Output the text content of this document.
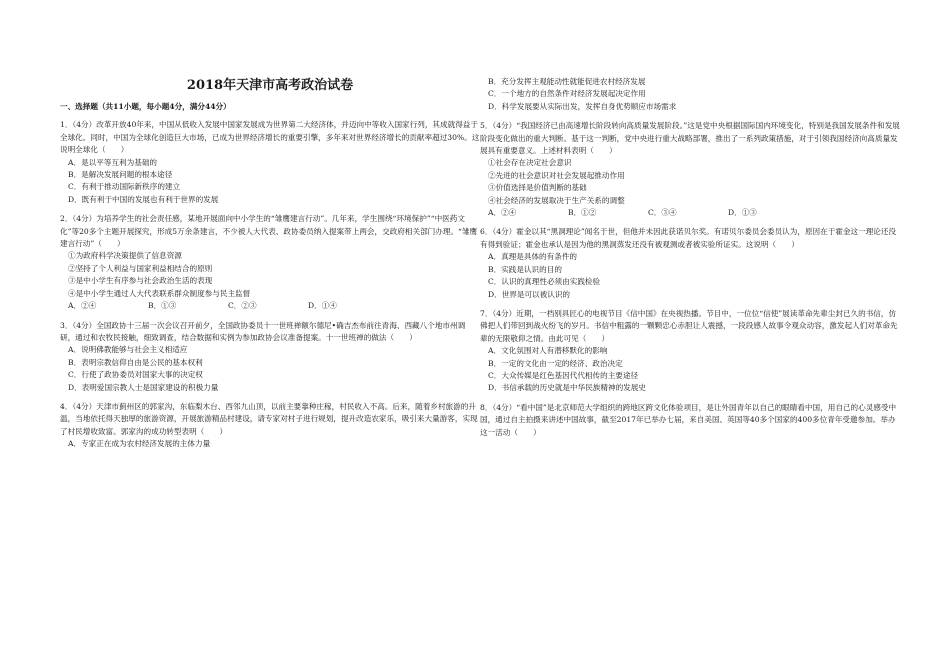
2018年天津市高考政治试卷
一、选择题（共11小题，每小题4分，满分44分）
1．（4分）改革开放40年来，中国从低收入发展中国家发展成为世界第二大经济体，并迈向中等收入国家行列，其成就得益于全球化。同时，中国为全球化创造巨大市场，已成为世界经济增长的重要引擎，多年来对世界经济增长的贡献率超过30%。这说明全球化（　　）
A．是以平等互利为基础的
B．是解决发展问题的根本途径
C．有利于推动国际新秩序的建立
D．既有利于中国的发展也有利于世界的发展
2．（4分）为培养学生的社会责任感，某地开展面向中小学生的“雏鹰建言行动”。几年来，学生围绕“环境保护”“中医药文化”等20多个主题开展探究，形成5万余条建言，不少被人大代表、政协委员纳入提案带上两会，交政府相关部门办理。“雏鹰建言行动”（　　）
①为政府科学决策提供了信息资源
②坚持了个人利益与国家利益相结合的原则
③是中小学生有序参与社会政治生活的表现
④是中小学生通过人大代表联系群众制度参与民主监督
A．②④	B．①③	C．②③	D．①④
3．（4分）全国政协十三届一次会议召开前夕，全国政协委员十一世班禅额尔德尼•确吉杰布前往青海、西藏八个地市州调研，通过和农牧民接触，细致调查，结合数据和实例为参加政协会议准备提案。十一世班禅的做法（　　）
A．说明佛教能够与社会主义相适应
B．表明宗教信仰自由是公民的基本权利
C．行使了政协委员对国家大事的决定权
D．表明爱国宗教人士是国家建设的积极力量
4．（4分）天津市蓟州区的郭家沟，东临梨木台、西邻九山顶，以前主要靠种庄稼，村民收入不高。后来，随着乡村旅游的升温，当地依托得天独厚的旅游资源，开展旅游精品村建设，请专家对村子进行规划，提升改造农家乐，吸引来大量游客，实现了村民增收致富。郭家沟的成功转型表明（　　）
A．专家正在成为农村经济发展的主体力量
B．充分发挥主观能动性就能促进农村经济发展
C．一个地方的自然条件对经济发展起决定作用
D．科学发展要从实际出发，发挥自身优势顺应市场需求
5．（4分）“我国经济已由高速增长阶段转向高质量发展阶段。”这是党中央根据国际国内环境变化，特别是我国发展条件和发展阶段变化做出的重大判断。基于这一判断，党中央进行重大战略部署，推出了一系列政策措施，对于引领我国经济向高质量发展具有重要意义。上述材料表明（　　）
①社会存在决定社会意识
②先进的社会意识对社会发展起推动作用
③价值选择是价值判断的基础
④社会经济的发展取决于生产关系的调整
A．②④	B．①②	C．③④	D．①③
6．（4分）霍金以其“黑洞理论”闻名于世，但他并未因此获诺贝尔奖。有诺贝尔委员会委员认为，原因在于霍金这一理论还没有得到验证；霍金也承认是因为他的黑洞蒸发还没有被观测或者被实验所证实。这说明（　　）
A．真理是具体的有条件的
B．实践是认识的目的
C．认识的真理性必须由实践检验
D．世界是可以被认识的
7．（4分）近期，一档别具匠心的电视节目《信中国》在央视热播。节目中，一位位“信使”展读革命先辈尘封已久的书信，仿佛把人们带回到战火纷飞的岁月。书信中粗露的一颗颗忠心赤胆让人震撼，一段段感人故事令观众动容，激发起人们对革命先辈的无限敬仰之情。由此可见（　　）
A．文化氛围对人有潜移默化的影响
B．一定的文化由一定的经济、政治决定
C．大众传媒是红色基因代代相传的主要途径
D．书信承载的历史就是中华民族精神的发展史
8．（4分）“看中国”是北京师范大学组织的跨地区跨文化体验项目，是让外国青年以自己的眼睛看中国，用自己的心灵感受中国，通过自主拍摄来讲述中国故事，截至2017年已举办七届，来自美国、英国等40多个国家的400多位青年受邀参加。举办这一活动（　　）
